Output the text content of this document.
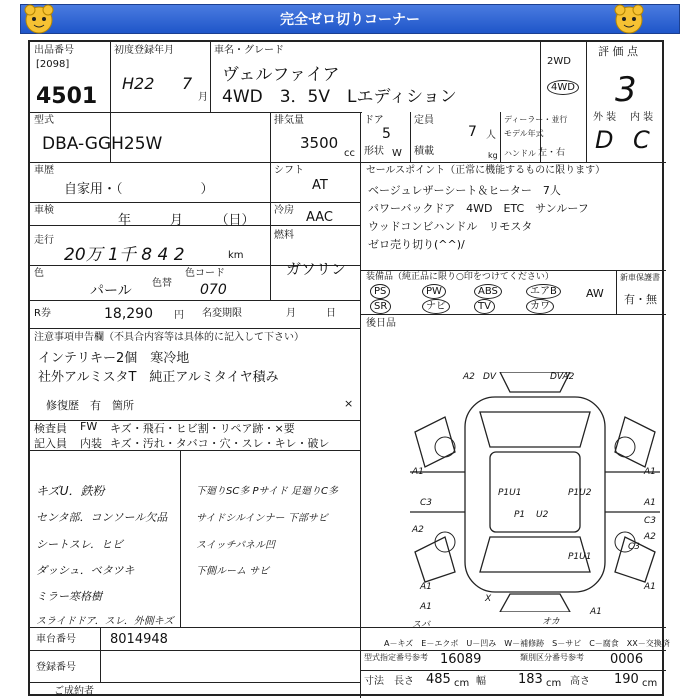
完全ゼロ切りコーナー
出品番号
[2098]
4501
初度登録年月
H22 7
月
車名・グレード
ヴェルファイア
4WD　3．5V　Lエディション
2WD
4WD
評 価 点
3
外 装 内 装
D C
型式
DBA-GGH25W
排気量
3500
cc
ドア
5
形状 W
定員
7 人
積載	kg
ディーラー・並行
モデル年式
ハンドル 左・右
車歴
自家用・（　　　　　　）
シフト
AT
車検
年　　　月　　　（日）
冷房 AAC
走行
20万 1千 8 4 2	km
燃料
ガソリン
色
パール 色替
色コード
070
R券	18,290 円 名変期限	月	日
注意事項申告欄（不具合内容等は具体的に記入して下さい）
インテリキー2個　寒冷地
社外アルミスタT　純正アルミタイヤ積み
修復歴　有　箇所	×
検査員 FW キズ・飛石・ヒビ割・リペア跡・×要
記入員 内装 キズ・汚れ・タバコ・穴・スレ・キレ・破レ
キズU．鉄粉
センタ部．コンソール欠品
シートスレ．ヒビ
ダッシュ．ベタツキ
ミラー寒格樹
スライドドア．スレ．外側キズ
下廻りSC多 Pサイド 足廻りC多
サイドシルインナー 下部サビ
スイッチパネル凹
下側ルーム サビ
セールスポイント（正常に機能するものに限ります）
ベージュレザーシート＆ヒーター　7人
パワーバックドア　4WD　ETC　サンルーフ
ウッドコンビハンドル　リモスタ
ゼロ売り切り(^^)/
装備品（純正品に限り○印をつけてください）
PS	PW	ABS	エアB
SR	ナビ	TV	カワ
AW
新車保護書
有・無
後日品
A2 DV	DVA2
A1	A1
C3	A1
A2
C3
P1U1	P1U2
P1 U2
A2
C3
A1	A1
A1
X
P1U1
A1
オカ
スバ
A－キズ　E－エクボ　U－凹み　W－補修跡　S－サビ　C－腐食　XX－交換済
車台番号	8014948
登録番号
型式指定番号参考 16089	類別区分番号参考 0006
寸法 長さ 485 cm 幅 183 cm 高さ 190 cm
ご成約者
